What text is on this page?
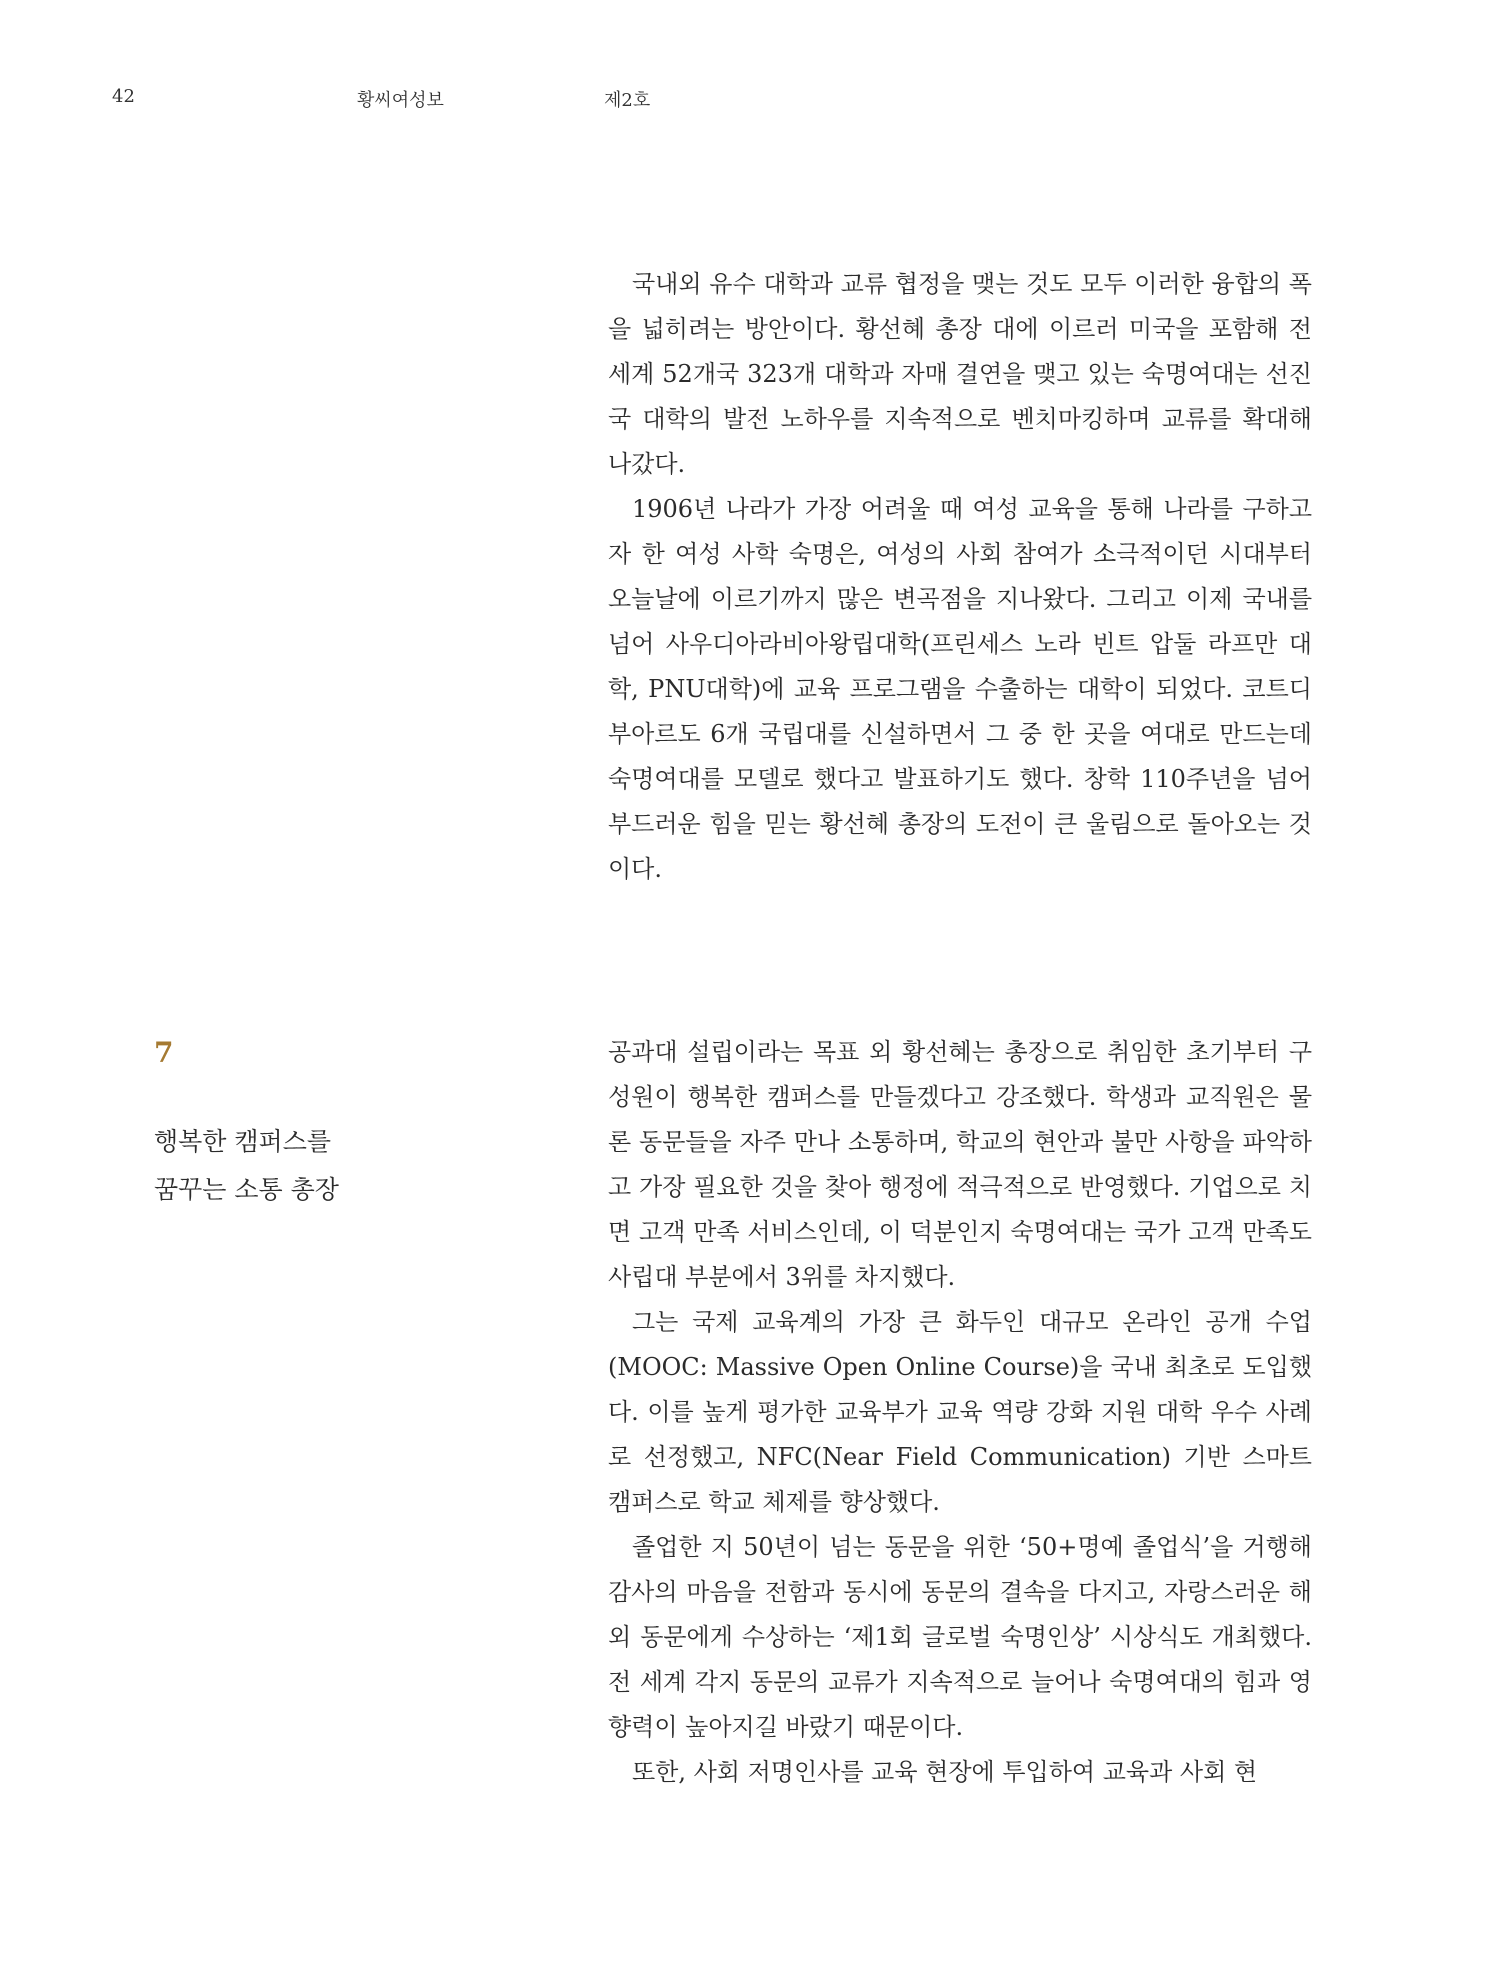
42	황씨여성보	제2호

국내외 유수 대학과 교류 협정을 맺는 것도 모두 이러한 융합의 폭을 넓히려는 방안이다. 황선혜 총장 대에 이르러 미국을 포함해 전 세계 52개국 323개 대학과 자매 결연을 맺고 있는 숙명여대는 선진국 대학의 발전 노하우를 지속적으로 벤치마킹하며 교류를 확대해 나갔다.

1906년 나라가 가장 어려울 때 여성 교육을 통해 나라를 구하고자 한 여성 사학 숙명은, 여성의 사회 참여가 소극적이던 시대부터 오늘날에 이르기까지 많은 변곡점을 지나왔다. 그리고 이제 국내를 넘어 사우디아라비아왕립대학(프린세스 노라 빈트 압둘 라프만 대학, PNU대학)에 교육 프로그램을 수출하는 대학이 되었다. 코트디부아르도 6개 국립대를 신설하면서 그 중 한 곳을 여대로 만드는데 숙명여대를 모델로 했다고 발표하기도 했다. 창학 110주년을 넘어 부드러운 힘을 믿는 황선혜 총장의 도전이 큰 울림으로 돌아오는 것이다.

7
행복한 캠퍼스를
꿈꾸는 소통 총장

공과대 설립이라는 목표 외 황선혜는 총장으로 취임한 초기부터 구성원이 행복한 캠퍼스를 만들겠다고 강조했다. 학생과 교직원은 물론 동문들을 자주 만나 소통하며, 학교의 현안과 불만 사항을 파악하고 가장 필요한 것을 찾아 행정에 적극적으로 반영했다. 기업으로 치면 고객 만족 서비스인데, 이 덕분인지 숙명여대는 국가 고객 만족도 사립대 부분에서 3위를 차지했다.

그는 국제 교육계의 가장 큰 화두인 대규모 온라인 공개 수업(MOOC: Massive Open Online Course)을 국내 최초로 도입했다. 이를 높게 평가한 교육부가 교육 역량 강화 지원 대학 우수 사례로 선정했고, NFC(Near Field Communication) 기반 스마트 캠퍼스로 학교 체제를 향상했다.

졸업한 지 50년이 넘는 동문을 위한 ‘50+명예 졸업식’을 거행해 감사의 마음을 전함과 동시에 동문의 결속을 다지고, 자랑스러운 해외 동문에게 수상하는 ‘제1회 글로벌 숙명인상’ 시상식도 개최했다. 전 세계 각지 동문의 교류가 지속적으로 늘어나 숙명여대의 힘과 영향력이 높아지길 바랐기 때문이다.

또한, 사회 저명인사를 교육 현장에 투입하여 교육과 사회 현
